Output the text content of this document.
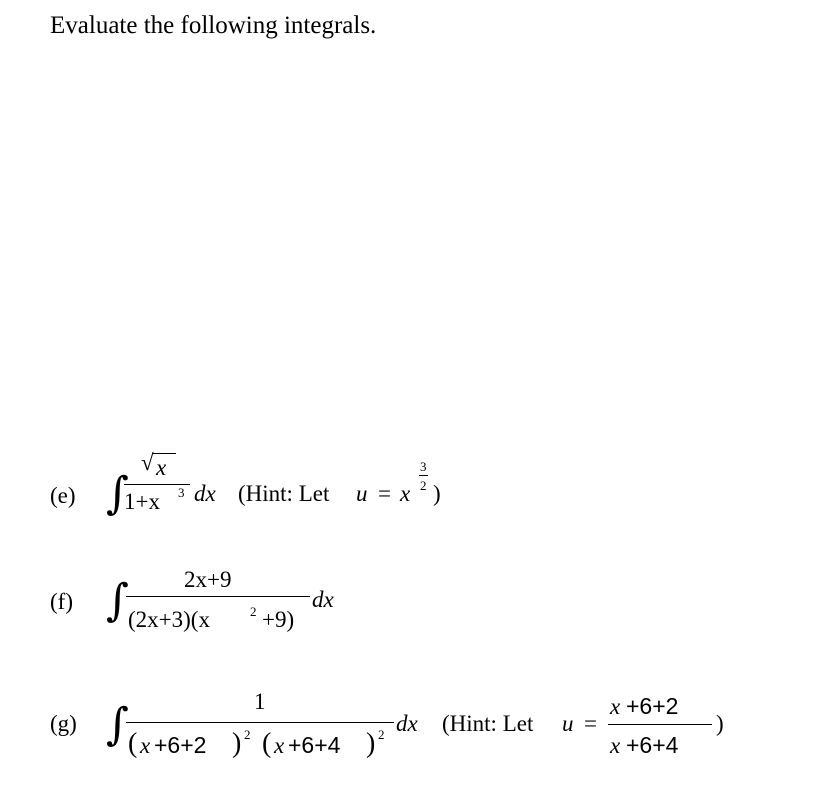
Evaluate the following integrals.
(e) ∫
√ x
1+x 3 dx (Hint: Let u = x
3
2 )
(f) ∫ 2x+9
(2x+3)(x	2 +9)
dx
(g) ∫	1
( x +6+2 ) 2 ( x +6+4 ) 2 dx (Hint: Let u =
x +6+2
x +6+4
)
